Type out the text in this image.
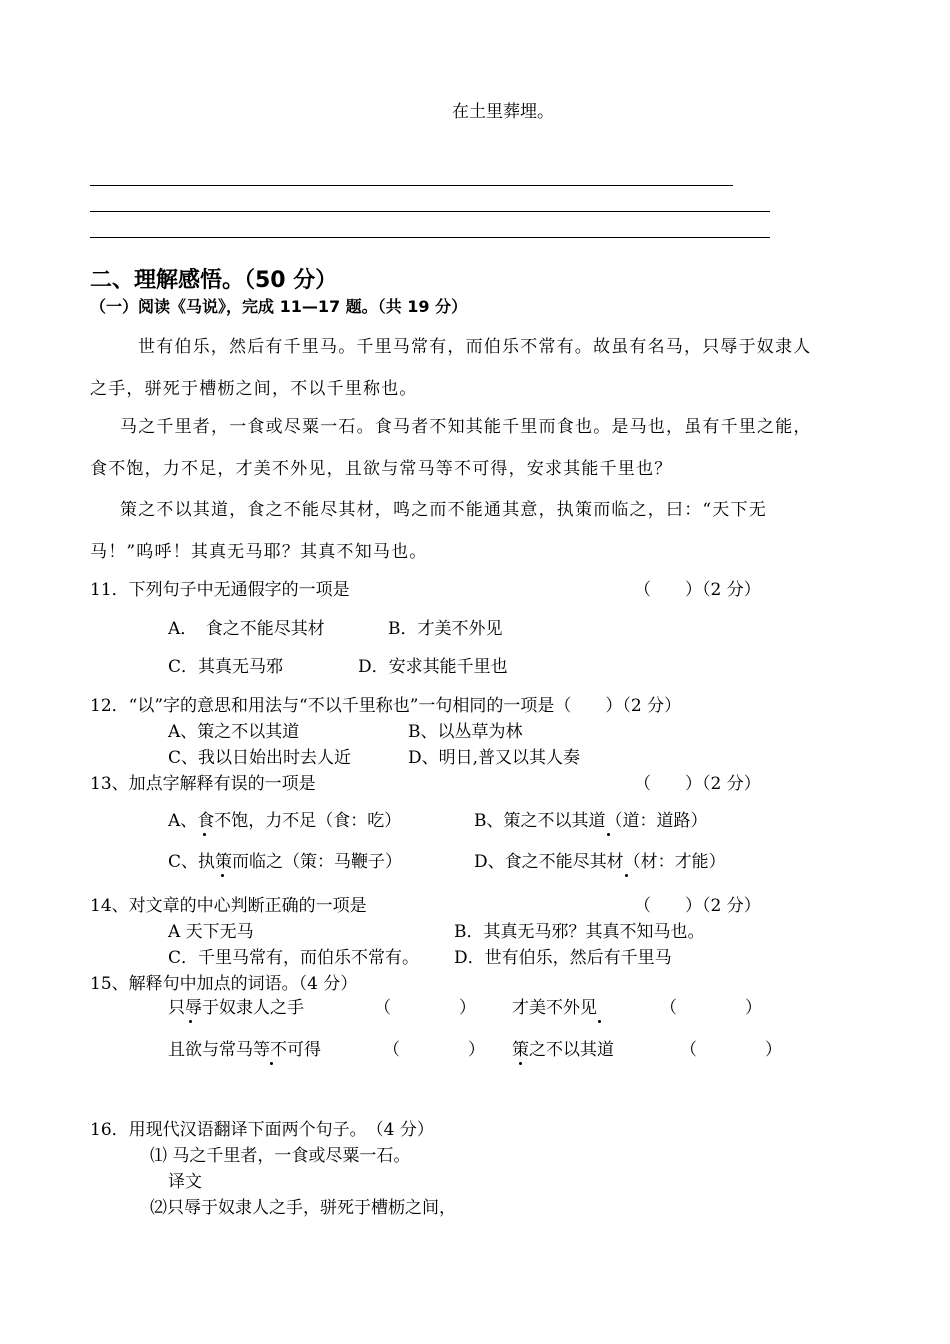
在土里葬埋。
二、理解感悟。（50 分）
（一）阅读《马说》，完成 11—17 题。（共 19 分）
世有伯乐，然后有千里马。千里马常有，而伯乐不常有。故虽有名马，只辱于奴隶人
之手，骈死于槽枥之间，不以千里称也。
马之千里者，一食或尽粟一石。食马者不知其能千里而食也。是马也，虽有千里之能，
食不饱，力不足，才美不外见，且欲与常马等不可得，安求其能千里也？
策之不以其道，食之不能尽其材，鸣之而不能通其意，执策而临之，曰：“天下无
马！”呜呼！其真无马耶？其真不知马也。
11．下列句子中无通假字的一项是	（　　）（2 分）
A．　食之不能尽其材	B．才美不外见
C．其真无马邪	D．安求其能千里也
12．“以”字的意思和用法与“不以千里称也”一句相同的一项是（　　）（2 分）
A、策之不以其道	B、以丛草为林
C、我以日始出时去人近	D、明日,普又以其人奏
13、加点字解释有误的一项是	（　　）（2 分）
A、食不饱，力不足（食：吃）	B、策之不以其道（道：道路）
C、执策而临之（策：马鞭子）	D、食之不能尽其材（材：才能）
14、对文章的中心判断正确的一项是	（　　）（2 分）
A 天下无马	B．其真无马邪？其真不知马也。
C．千里马常有，而伯乐不常有。 D．世有伯乐，然后有千里马
15、解释句中加点的词语。（4 分）
只辱于奴隶人之手	（　　　　） 才美不外见	（　　　　）
且欲与常马等不可得	（　　　　） 策之不以其道	（　　　　）
16．用现代汉语翻译下面两个句子。　（4 分）
⑴ 马之千里者，一食或尽粟一石。
译文
⑵只辱于奴隶人之手，骈死于槽枥之间，
